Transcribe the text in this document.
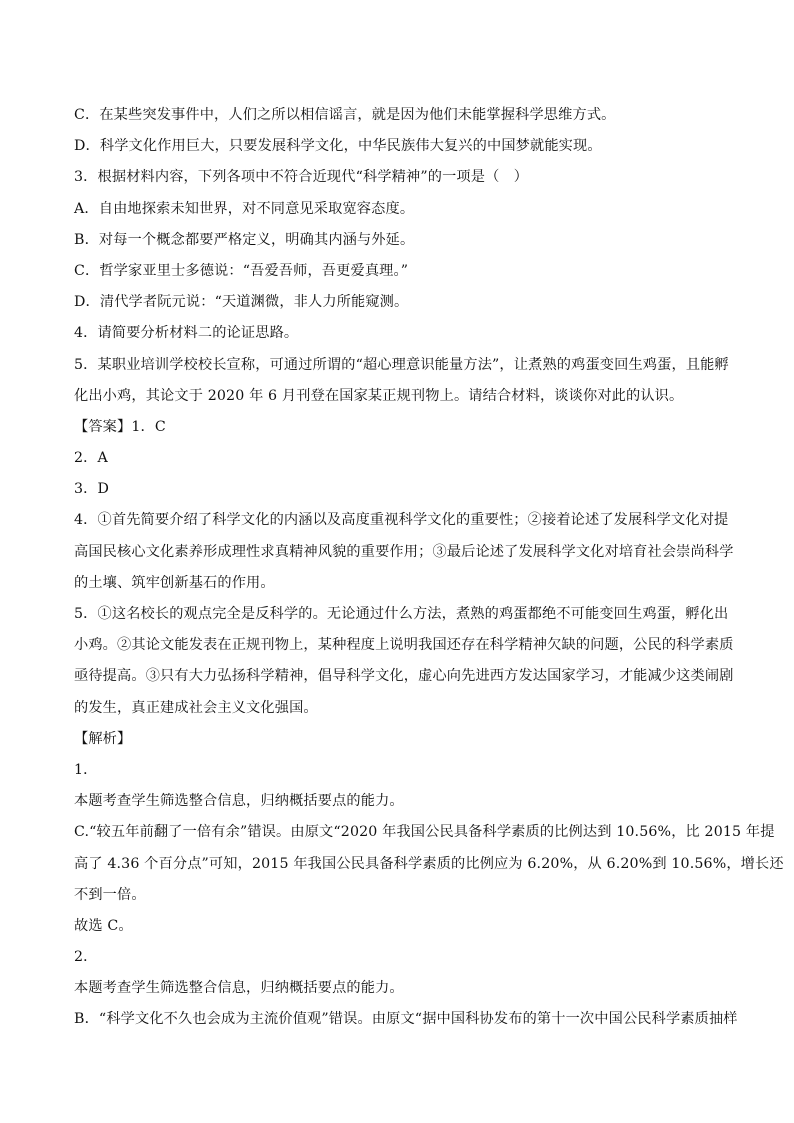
C．在某些突发事件中，人们之所以相信谣言，就是因为他们未能掌握科学思维方式。
D．科学文化作用巨大，只要发展科学文化，中华民族伟大复兴的中国梦就能实现。
3．根据材料内容，下列各项中不符合近现代“科学精神”的一项是（　）
A．自由地探索未知世界，对不同意见采取宽容态度。
B．对每一个概念都要严格定义，明确其内涵与外延。
C．哲学家亚里士多德说：“吾爱吾师，吾更爱真理。”
D．清代学者阮元说：“天道渊微，非人力所能窥测。
4．请简要分析材料二的论证思路。
5．某职业培训学校校长宣称，可通过所谓的“超心理意识能量方法”，让煮熟的鸡蛋变回生鸡蛋，且能孵
化出小鸡，其论文于 2020 年 6 月刊登在国家某正规刊物上。请结合材料，谈谈你对此的认识。
【答案】1．C
2．A
3．D
4．①首先简要介绍了科学文化的内涵以及高度重视科学文化的重要性；②接着论述了发展科学文化对提
高国民核心文化素养形成理性求真精神风貌的重要作用；③最后论述了发展科学文化对培育社会崇尚科学
的土壤、筑牢创新基石的作用。
5．①这名校长的观点完全是反科学的。无论通过什么方法，煮熟的鸡蛋都绝不可能变回生鸡蛋，孵化出
小鸡。②其论文能发表在正规刊物上，某种程度上说明我国还存在科学精神欠缺的问题，公民的科学素质
亟待提高。③只有大力弘扬科学精神，倡导科学文化，虚心向先进西方发达国家学习，才能减少这类闹剧
的发生，真正建成社会主义文化强国。
【解析】
1．
本题考查学生筛选整合信息，归纳概括要点的能力。
C.“较五年前翻了一倍有余”错误。由原文“2020 年我国公民具备科学素质的比例达到 10.56%，比 2015 年提
高了 4.36 个百分点”可知，2015 年我国公民具备科学素质的比例应为 6.20%，从 6.20%到 10.56%，增长还
不到一倍。
故选 C。
2．
本题考查学生筛选整合信息，归纳概括要点的能力。
B．“科学文化不久也会成为主流价值观”错误。由原文“据中国科协发布的第十一次中国公民科学素质抽样
